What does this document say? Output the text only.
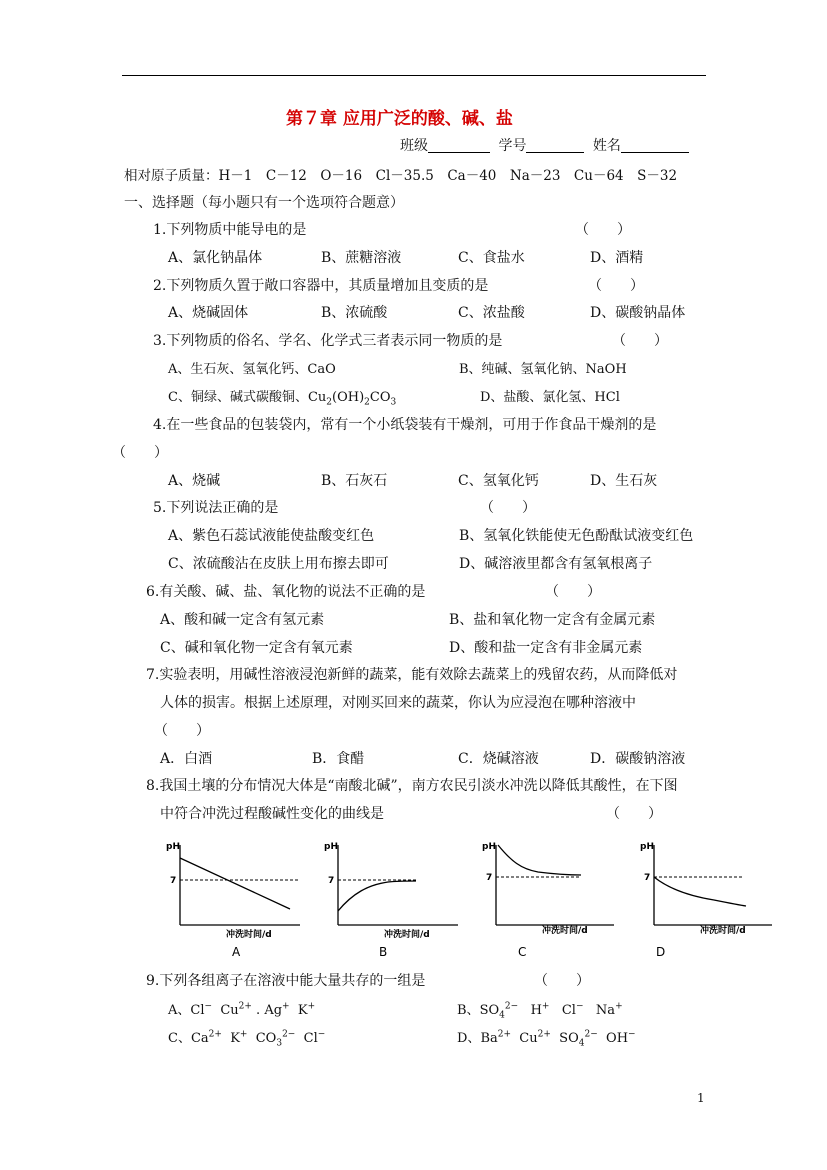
第７章 应用广泛的酸、碱、盐
班级	学号	姓名
相对原子质量：H－1　C－12　O－16　Cl－35.5　Ca－40　Na－23　Cu－64　S－32
一、选择题（每小题只有一个选项符合题意）
1.下列物质中能导电的是	（　　）
A、氯化钠晶体	B、蔗糖溶液	C、食盐水	D、酒精
2.下列物质久置于敞口容器中，其质量增加且变质的是	（　　）
A、烧碱固体	B、浓硫酸	C、浓盐酸	D、碳酸钠晶体
3.下列物质的俗名、学名、化学式三者表示同一物质的是	（　　）
A、生石灰、氢氧化钙、CaO	B、纯碱、氢氧化钠、NaOH
C、铜绿、碱式碳酸铜、$Cu_2(OH)_2CO_3$	D、盐酸、氯化氢、HCl
4.在一些食品的包装袋内，常有一个小纸袋装有干燥剂，可用于作食品干燥剂的是
（　　）
A、烧碱	B、石灰石	C、氢氧化钙	D、生石灰
5.下列说法正确的是	（　　）
A、紫色石蕊试液能使盐酸变红色	B、氢氧化铁能使无色酚酞试液变红色
C、浓硫酸沾在皮肤上用布擦去即可	D、碱溶液里都含有氢氧根离子
6.有关酸、碱、盐、氧化物的说法不正确的是	（　　）
A、酸和碱一定含有氢元素	B、盐和氧化物一定含有金属元素
C、碱和氧化物一定含有氧元素	D、酸和盐一定含有非金属元素
7.实验表明，用碱性溶液浸泡新鲜的蔬菜，能有效除去蔬菜上的残留农药，从而降低对
人体的损害。根据上述原理，对刚买回来的蔬菜，你认为应浸泡在哪种溶液中
（　　）
A．白酒	B．食醋	C．烧碱溶液	D．碳酸钠溶液
8.我国土壤的分布情况大体是“南酸北碱”，南方农民引淡水冲洗以降低其酸性，在下图
中符合冲洗过程酸碱性变化的曲线是	（　　）
pH
7
冲洗时间/d
A
pH
7
冲洗时间/d
B
pH
7
冲洗时间/d
C
pH
7
冲洗时间/d
D
9.下列各组离子在溶液中能大量共存的一组是	（　　）
A、Cl− $Cu^{2+}$ . Ag+ K+	B、$SO_4^{2-}$ H+ Cl− Na+
C、$Ca^{2+}$ K+ $CO_3^{2-}$ Cl−	D、$Ba^{2+}$ $Cu^{2+}$ $SO_4^{2-}$ OH−
1
